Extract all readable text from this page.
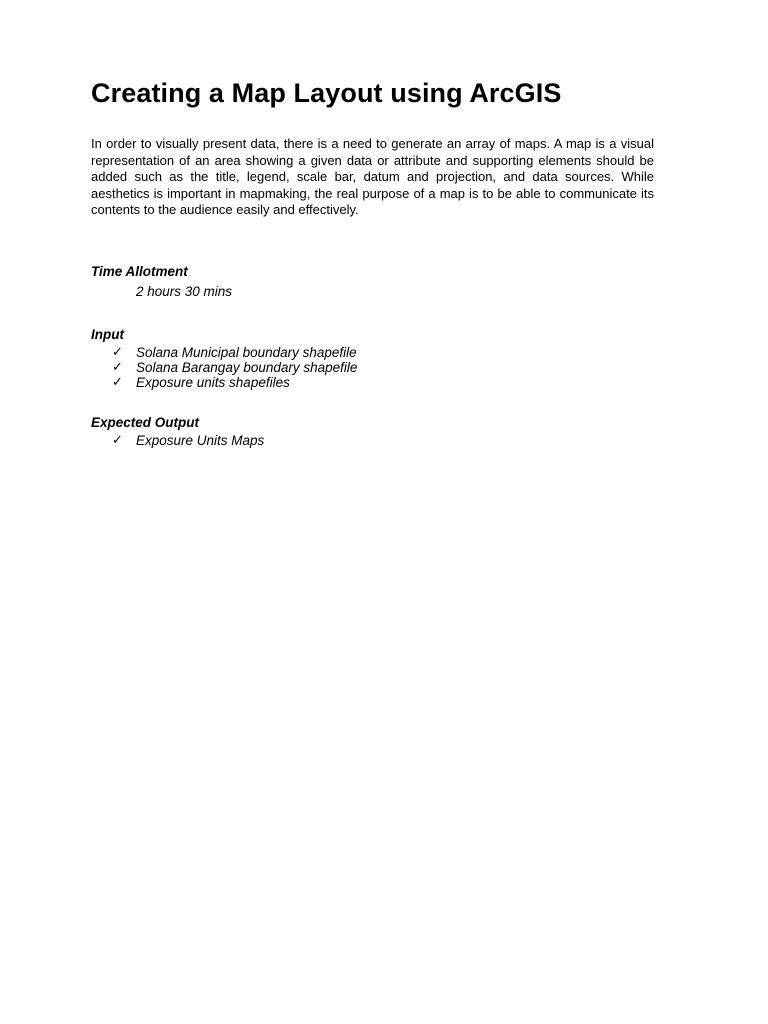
Creating a Map Layout using ArcGIS

In order to visually present data, there is a need to generate an array of maps. A map is a visual representation of an area showing a given data or attribute and supporting elements should be added such as the title, legend, scale bar, datum and projection, and data sources. While aesthetics is important in mapmaking, the real purpose of a map is to be able to communicate its contents to the audience easily and effectively.

Time Allotment

2 hours 30 mins

Input

✓ Solana Municipal boundary shapefile
✓ Solana Barangay boundary shapefile
✓ Exposure units shapefiles

Expected Output

✓ Exposure Units Maps
